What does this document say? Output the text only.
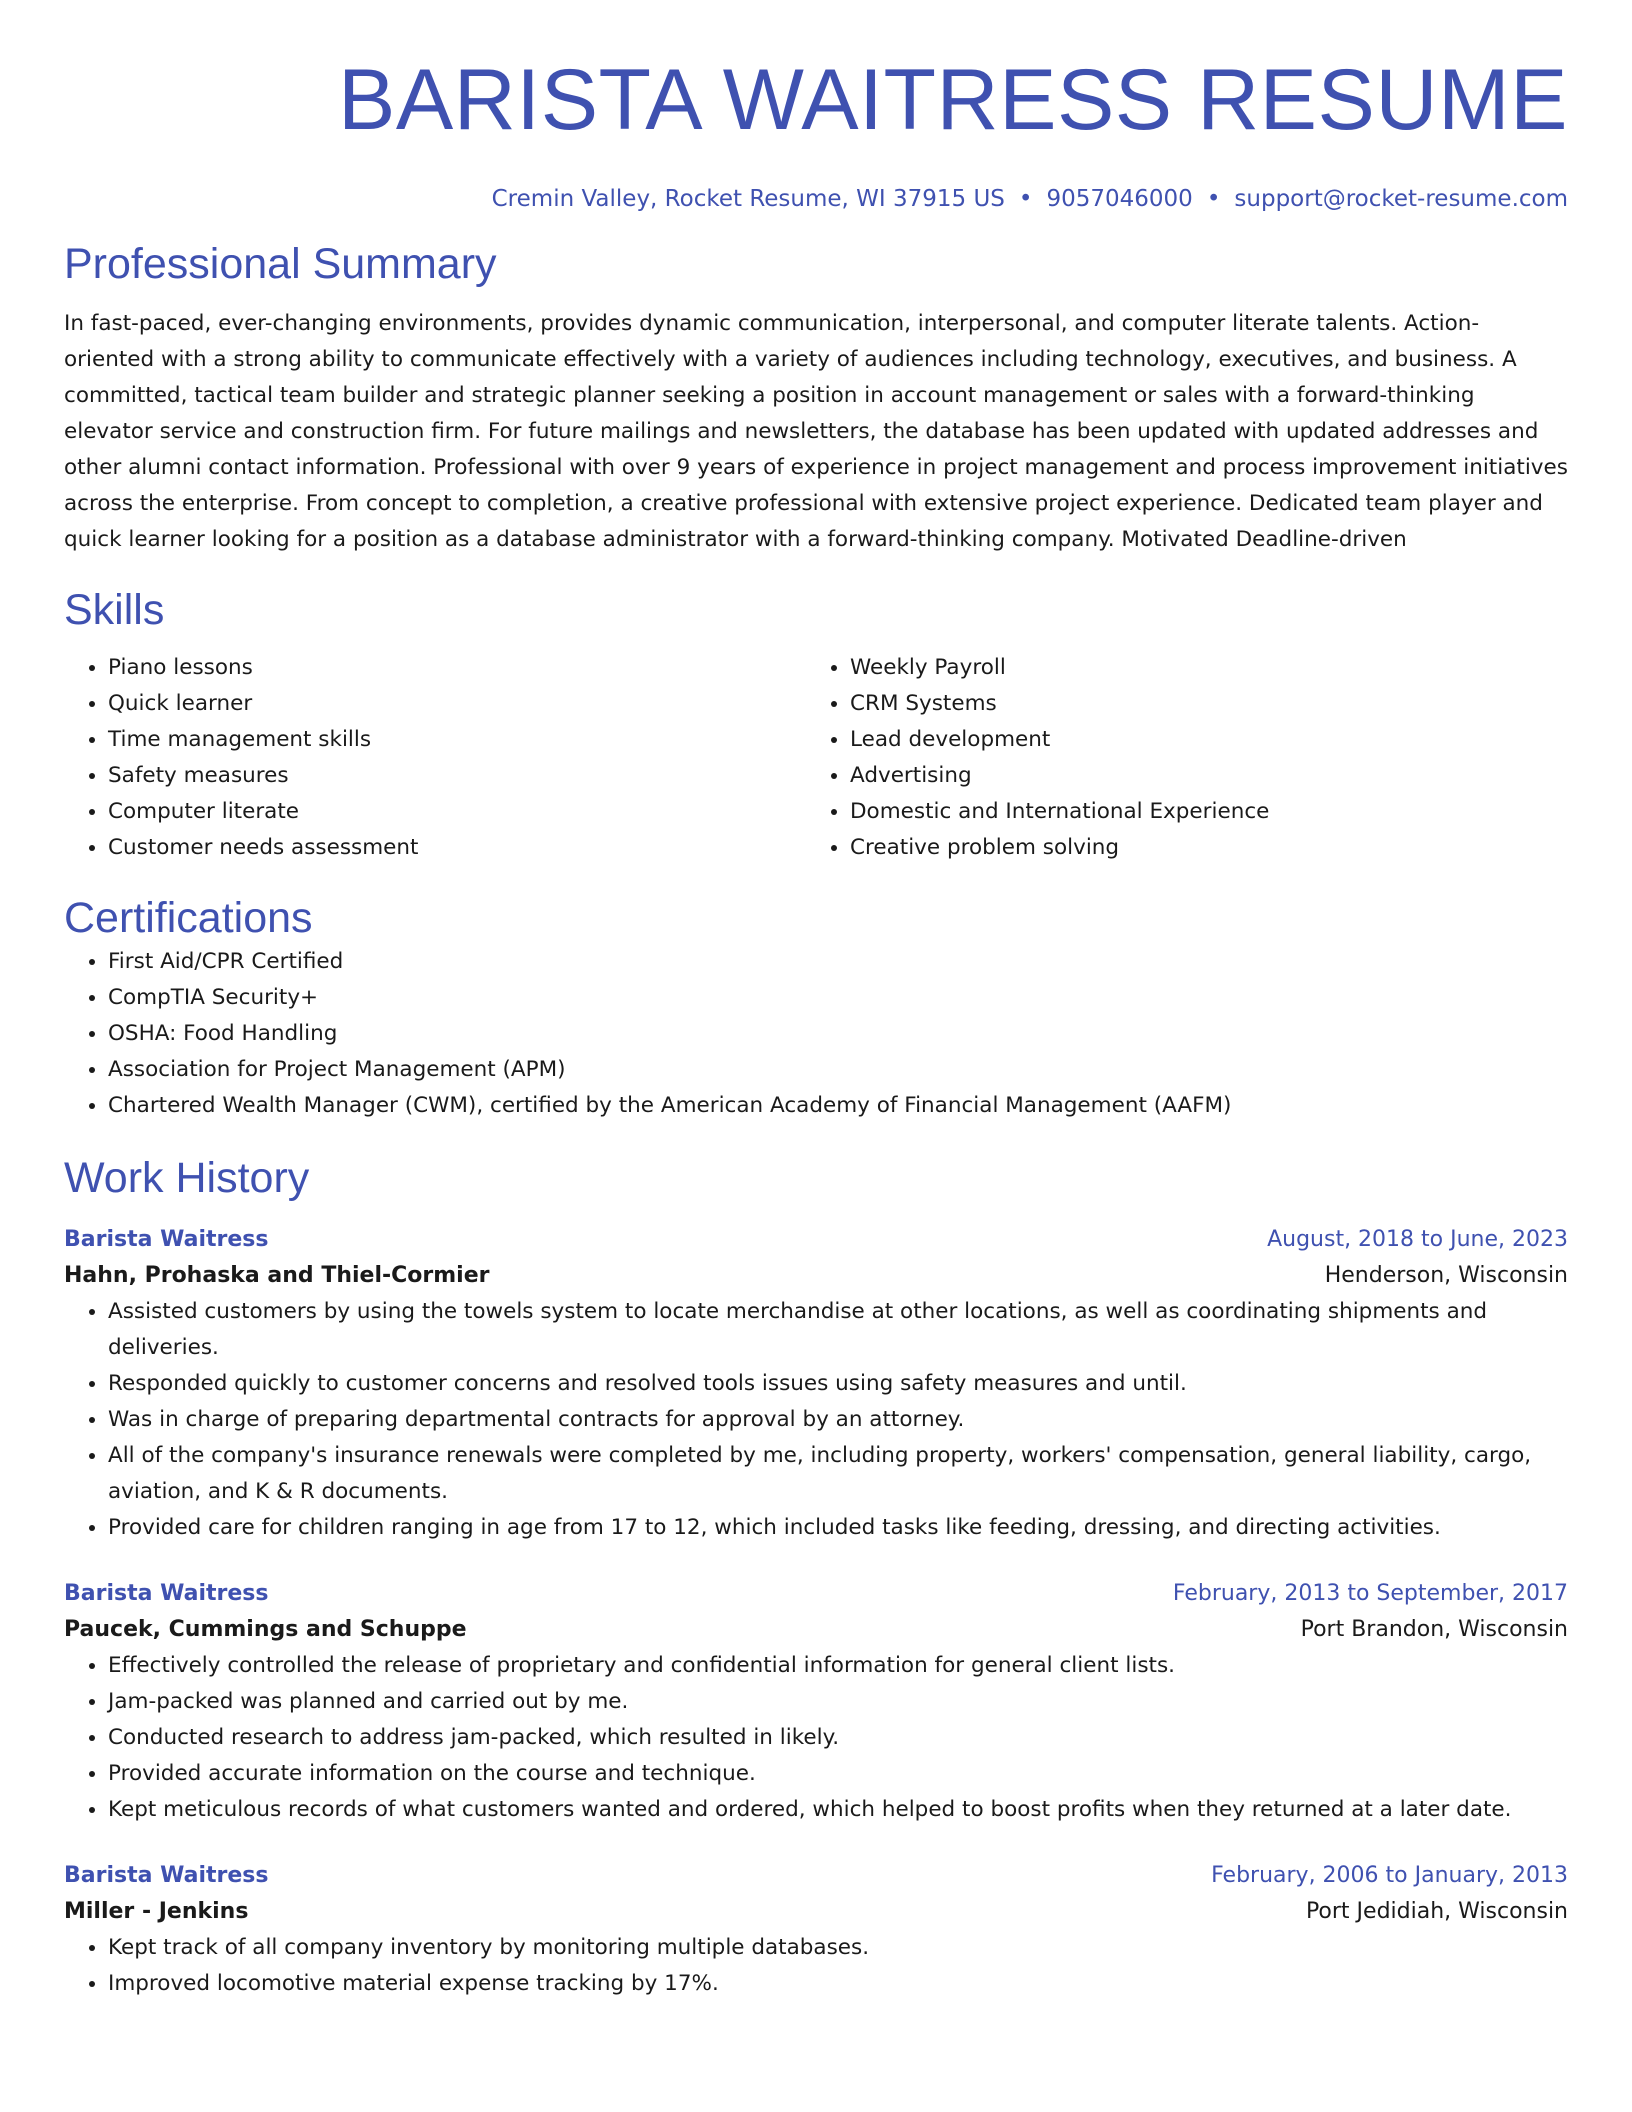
BARISTA WAITRESS RESUME
Cremin Valley, Rocket Resume, WI 37915 US • 9057046000 • support@rocket-resume.com
Professional Summary
In fast-paced, ever-changing environments, provides dynamic communication, interpersonal, and computer literate talents. Action-oriented with a strong ability to communicate effectively with a variety of audiences including technology, executives, and business. A committed, tactical team builder and strategic planner seeking a position in account management or sales with a forward-thinking elevator service and construction firm. For future mailings and newsletters, the database has been updated with updated addresses and other alumni contact information. Professional with over 9 years of experience in project management and process improvement initiatives across the enterprise. From concept to completion, a creative professional with extensive project experience. Dedicated team player and quick learner looking for a position as a database administrator with a forward-thinking company. Motivated Deadline-driven
Skills
• Piano lessons
• Quick learner
• Time management skills
• Safety measures
• Computer literate
• Customer needs assessment
• Weekly Payroll
• CRM Systems
• Lead development
• Advertising
• Domestic and International Experience
• Creative problem solving
Certifications
• First Aid/CPR Certified
• CompTIA Security+
• OSHA: Food Handling
• Association for Project Management (APM)
• Chartered Wealth Manager (CWM), certified by the American Academy of Financial Management (AAFM)
Work History
Barista Waitress	August, 2018 to June, 2023
Hahn, Prohaska and Thiel-Cormier	Henderson, Wisconsin
• Assisted customers by using the towels system to locate merchandise at other locations, as well as coordinating shipments and deliveries.
• Responded quickly to customer concerns and resolved tools issues using safety measures and until.
• Was in charge of preparing departmental contracts for approval by an attorney.
• All of the company's insurance renewals were completed by me, including property, workers' compensation, general liability, cargo, aviation, and K & R documents.
• Provided care for children ranging in age from 17 to 12, which included tasks like feeding, dressing, and directing activities.
Barista Waitress	February, 2013 to September, 2017
Paucek, Cummings and Schuppe	Port Brandon, Wisconsin
• Effectively controlled the release of proprietary and confidential information for general client lists.
• Jam-packed was planned and carried out by me.
• Conducted research to address jam-packed, which resulted in likely.
• Provided accurate information on the course and technique.
• Kept meticulous records of what customers wanted and ordered, which helped to boost profits when they returned at a later date.
Barista Waitress	February, 2006 to January, 2013
Miller - Jenkins	Port Jedidiah, Wisconsin
• Kept track of all company inventory by monitoring multiple databases.
• Improved locomotive material expense tracking by 17%.
